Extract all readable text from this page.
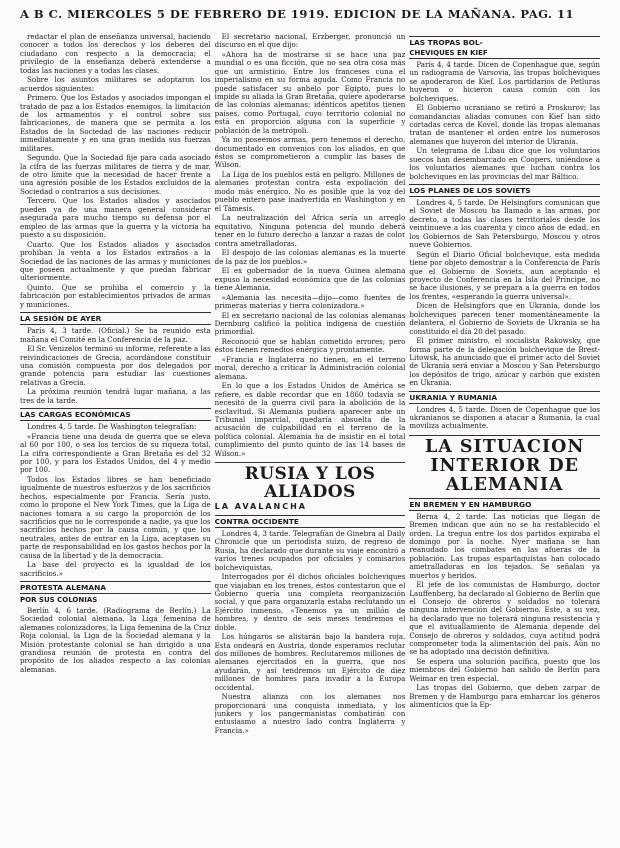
A B C. MIERCOLES 5 DE FEBRERO DE 1919. EDICION DE LA MAÑANA. PAG. 11

redactar el plan de enseñanza universal, haciendo conocer a todos los derechos y los deberes del ciudadano con respecto a la democracia; el privilegio de la enseñanza deberá extenderse a todas las naciones y a todas las clases.

Sobre los asuntos militares se adoptaron los acuerdos siguientes:

Primero. Que los Estados y asociados impongan el tratado de paz a los Estados enemigos, la limitación de los armamentos y el control sobre sus fabricaciones, de manera que se permita a los Estados de la Sociedad de las naciones reducir inmediatamente y en una gran medida sus fuerzas militares.

Segundo. Que la Sociedad fije para cada asociado la cifra de las fuerzas militares de tierra y de mar, de otro límite que la necesidad de hacer frente a una agresión posible de los Estados excluidos de la Sociedad o contrarios a sus decisiones.

Tercero. Que los Estados aliados y asociados pueden ya de una manera general considerar asegurada para mucho tiempo su defensa por el empleo de las armas que la guerra y la victoria ha puesto a su disposición.

Cuarto. Que los Estados aliados y asociados prohiban la venta a los Estados extraños a la Sociedad de las naciones de las armas y municiones que poseen actualmente y que puedan fabricar ulteriormente.

Quinto. Que se prohiba el comercio y la fabricación por establecimientos privados de armas y municiones.

LA SESIÓN DE AYER

París 4, 3 tarde. (Oficial.) Se ha reunido esta mañana el Comité en la Conferencia de la paz.

El Sr. Venizelos terminó su informe, referente a las reivindicaciones de Grecia, acordándose constituir una comisión compuesta por dos delegados por grande potencia para estudiar las cuestiones relativas a Grecia.

La próxima reunión tendrá lugar mañana, a las tres de la tarde.

LAS CARGAS ECONÓMICAS

Londres 4, 5 tarde. De Washington telegrafían:

«Francia tiene una deuda de guerra que se eleva al 60 por 100, o sea los tercios de su riqueza total. La cifra correspondiente a Gran Bretaña es del 32 por 100, y para los Estados Unidos, del 4 y medio por 100.

Todos los Estados libres se han beneficiado igualmente de nuestros esfuerzos y de los sacrificios hechos, especialmente por Francia. Sería justo, como lo propone el New York Times, que la Liga de naciones tomara a su cargo la proporción de los sacrificios que no le corresponde a nadie, ya que los sacrificios hechos por la causa común, y que los neutrales, antes de entrar en la Liga, aceptasen su parte de responsabilidad en los gastos hechos por la causa de la libertad y de la democracia.

La base del proyecto es la igualdad de los sacrificios.»

PROTESTA ALEMANA
POR SUS COLONIAS

Berlín 4, 6 tarde. (Radiograma de Berlín.) La Sociedad colonial alemana, la Liga femenina de alemanes colonizadores, la Liga femenina de la Cruz Roja colonial, la Liga de la Sociedad alemana y la Misión protestante colonial se han dirigido a una grandiosa reunión de protesta en contra del propósito de los aliados respecto a las colonias alemanas.

El secretario nacional, Erzberger, pronunció un discurso en el que dijo:

«Ahora ha de mostrarse si se hace una paz mundial o es una ficción, que no sea otra cosa más que un armisticio. Entre los franceses cuna el imperialismo en su forma aguda. Como Francia no puede satisfacer su anhelo por Egipto, pues lo impide su aliada la Gran Bretaña, quiere apoderarse de las colonias alemanas; idénticos apetitos tienen países, como Portugal, cuyo territorio colonial no está en proporción alguna con la superficie y población de la metrópoli.

Ya no poseemos armas, pero tenemos el derecho, documentado en convenios con los aliados, en que éstos se comprometieron a cumplir las bases de Wilson.

La Liga de los pueblos está en peligro. Millones de alemanes protestan contra esta expoliación del modo más enérgico. No es posible que la voz del pueblo entero pase inadvertida en Washington y en el Támesis.

La neutralización del Africa sería un arreglo equitativo. Ninguna potencia del mundo deberá tener en lo futuro derecho a lanzar a razas de color contra ametralladoras.

El despojo de las colonias alemanas es la muerte de la paz de los pueblos.»

El ex gobernador de la nueva Guinea alemana expuso la necesidad económica que de las colonias tiene Alemania.

«Alemania las necesita—dijo—como fuentes de primeras materias y tierra colonizadora.»

El ex secretario nacional de las colonias alemanas Dernburg calificó la política indigena de cuestión primordial.

Reconoció que se hablan cometido errores; pero éstos tienen remedios enérgica y prontamente.

«Francia e Inglaterra no tienen, en el terreno moral, derecho a criticar la Administración colonial alemana.

En lo que a los Estados Unidos de América se refiere, es dable recordar que en 1860 todavía se necesitó de la guerra civil para la abolición de la esclavitud. Si Alemania pudiera aparecer ante un Tribunal imparcial, quedaría absuelta de la acusación de culpabilidad en el terreno de la política colonial. Alemania ha de insistir en el total cumplimiento del punto quinto de las 14 bases de Wilson.»

RUSIA Y LOS ALIADOS
LA AVALANCHA
CONTRA OCCIDENTE

Londres 4, 3 tarde. Telegrafían de Ginebra al Daily Chronicle que un periodista suizo, de regreso de Rusia, ha declarado que durante su viaje encontró a varios trenes ocupados por oficiales y comisarios bolcheviquistas.

Interrogados por él dichos oficiales bolcheviques que viajaban en los trenes, éstos contestaron que el Gobierno quería una completa reorganización social, y que para organizarla estaba reclutando un Ejército inmenso. «Tenemos ya un millón de hombres, y dentro de seis meses tendremos el doble.

Los húngaros se alistarán bajo la bandera roja. Esta ondeará en Austria, donde esperamos reclutar dos millones de hombres. Reclutaremos millones de alemanes ejercitados en la guerra, que nos ayudarán, y así tendremos un Ejército de diez millones de hombres para invadir a la Europa occidental.

Nuestra alianza con los alemanes nos proporcionará una conquista inmediata, y los junkers y los pangermanistas combatirán con entusiasmo a nuestro lado contra Inglaterra y Francia.»

LAS TROPAS BOL-
CHEVIQUES EN KIEF

París 4, 4 tarde. Dicen de Copenhague que, según un radiograma de Varsovia, las tropas bolcheviques se apoderaron de Kief. Los partidarios de Petluras huyeron o hicieron causa común con los bolcheviques.

El Gobierno ucraniano se retiró a Proskurov; las comandancias aliadas comunes con Kief han sido cortadas cerca de Kovel, donde las tropas alemanas tratan de mantener el orden entre los numerosos alemanes que huyeron del interior de Ukrania.

Un telegrama de Libau dice que los voluntarios suecos han desembarcado en Coopers, uniéndose a los voluntarios alemanes que luchan contra los bolcheviques en las provincias del mar Báltico.

LOS PLANES DE LOS SOVIETS

Londres 4, 5 tarde. De Helsingfors comunican que el Soviet de Moscou ha llamado a las armas, por decreto, a todas las clases territoriales desde los veintinueve a los cuarenta y cinco años de edad, en los Gobiernos de San Petersburgo, Moscou y otros nueve Gobiernos.

Según el Diario Oficial bolchevique, esta medida tiene por objeto demostrar a la Conferencia de París que el Gobierno de Soviets, aun aceptando el proyecto de Conferencia en la Isla del Príncipe, no se hace ilusiones, y se prepara a la guerra en todos los frentes, «esperando la guerra universal».

Dicen de Helsingfors que en Ukrania, donde los bolcheviques parecen tener momentáneamente la delantera, el Gobierno de Soviets de Ukrania se ha constituido el día 20 del pasado.

El primer ministro, el socialista Rakowsky, que forma parte de la delegación bolchevique de Brest-Litowsk, ha anunciado que el primer acto del Soviet de Ukrania será enviar a Moscou y San Petersburgo los depósitos de trigo, azúcar y carbón que existen en Ukrania.

UKRANIA Y RUMANIA

Londres 4, 5 tarde. Dicen de Copenhague que los ukranianos se disponen a atacar a Rumania, la cual moviliza actualmente.

LA SITUACION INTERIOR DE ALEMANIA
EN BREMEN Y EN HAMBURGO

Berna 4, 2 tarde. Las noticias que llegan de Bremen indican que aún no se ha restablecido el orden. La tregua entre los dos partidos expiraba el domingo por la noche. Nyer mañana se han reanudado los combates en las afueras de la población. Las tropas espartaquistas han colocado ametralladoras en los tejados. Se señalan ya muertos y heridos.

El jefe de los comunistas de Hamburgo, doctor Lauffenberg, ha declarado al Gobierno de Berlín que el Consejo de obreros y soldados no tolerará ninguna intervención del Gobierno. Este, a su vez, ha declarado que no tolerará ninguna resistencia y que el avituallamiento de Alemania depende del Consejo de obreros y soldados, cuya actitud podrá comprometer toda la alimentación del país. Aún no se ha adoptado una decisión definitiva.

Se espera una solución pacífica, puesto que los miembros del Gobierno han salido de Berlín para Weimar en tren especial.

Las tropas del Gobierno, que deben zarpar de Bremen y de Hamburgo para embarcar los géneros alimenticios que la Ep-
